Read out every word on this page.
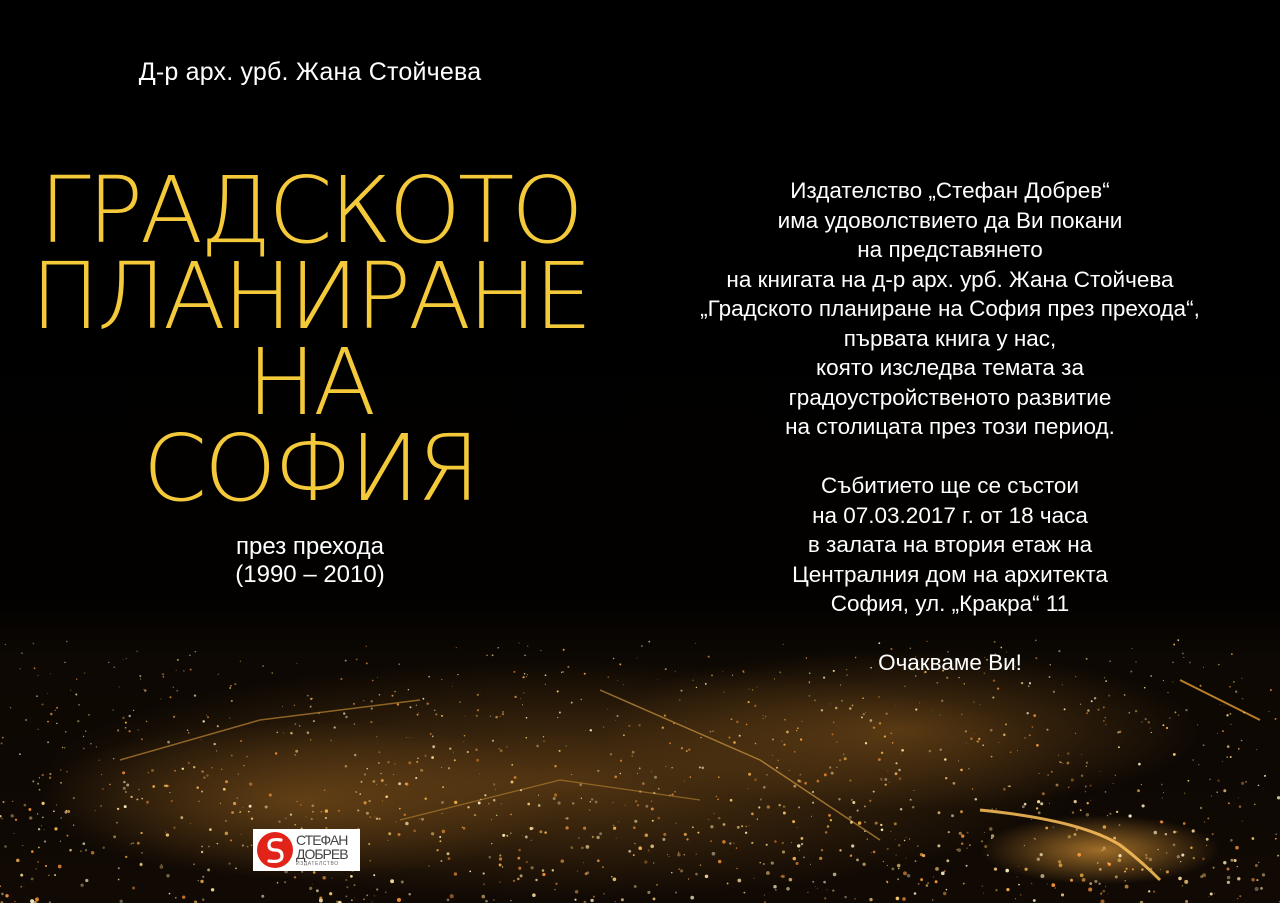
Д-р арх. урб. Жана Стойчева
ГРАДСКОТО
ПЛАНИРАНЕ
НА
СОФИЯ
през прехода
(1990 – 2010)
Издателство „Стефан Добрев“
има удоволствието да Ви покани
на представянето
на книгата на д-р арх. урб. Жана Стойчева
„Градското планиране на София през прехода“,
първата книга у нас,
която изследва темата за
градоустройственото развитие
на столицата през този период.
Събитието ще се състои
на 07.03.2017 г. от 18 часа
в залата на втория етаж на
Централния дом на архитекта
София, ул. „Кракра“ 11
Очакваме Ви!
СТЕФАН
ДОБРЕВ
ИЗДАТЕЛСТВО
